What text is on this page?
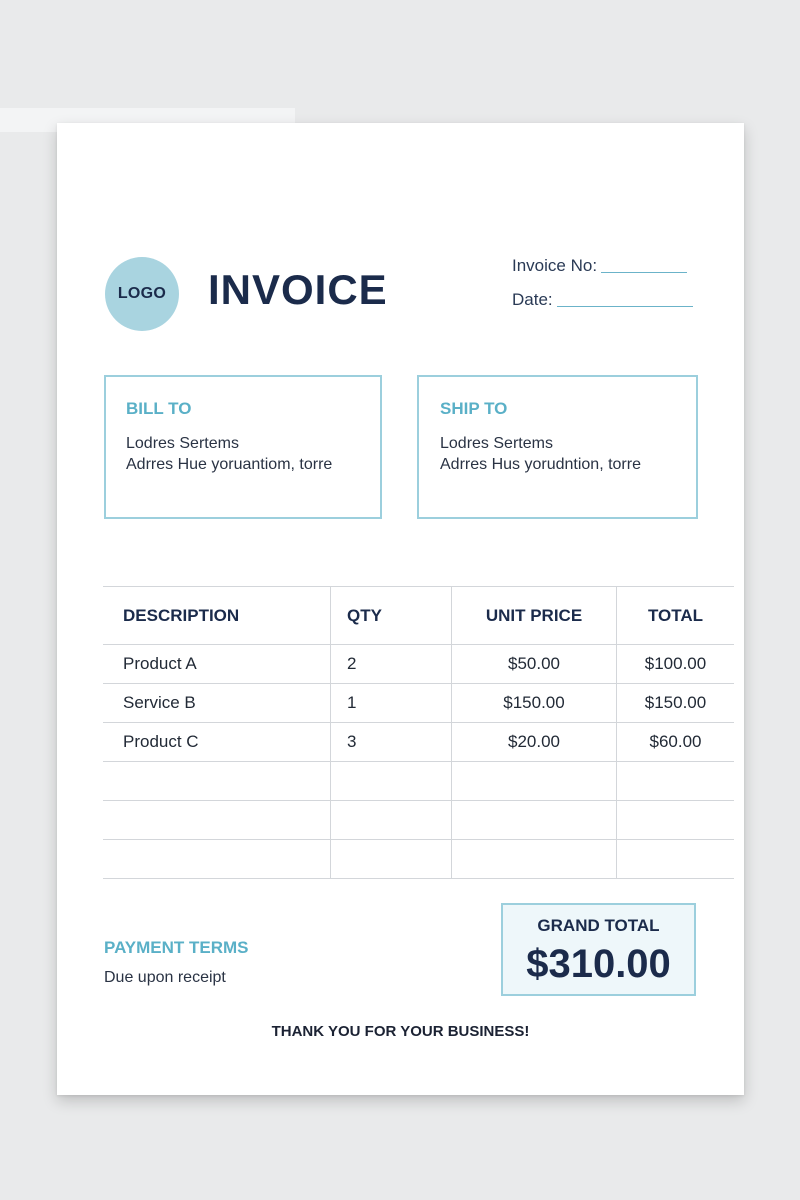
LOGO INVOICE
Invoice No:
Date:
BILL TO
Lodres Sertems
Adrres Hue yoruantiom, torre
SHIP TO
Lodres Sertems
Adrres Hus yorudntion, torre
DESCRIPTION	QTY	UNIT PRICE	TOTAL
Product A	2	$50.00	$100.00
Service B	1	$150.00	$150.00
Product C	3	$20.00	$60.00

PAYMENT TERMS
Due upon receipt
GRAND TOTAL
$310.00
THANK YOU FOR YOUR BUSINESS!
